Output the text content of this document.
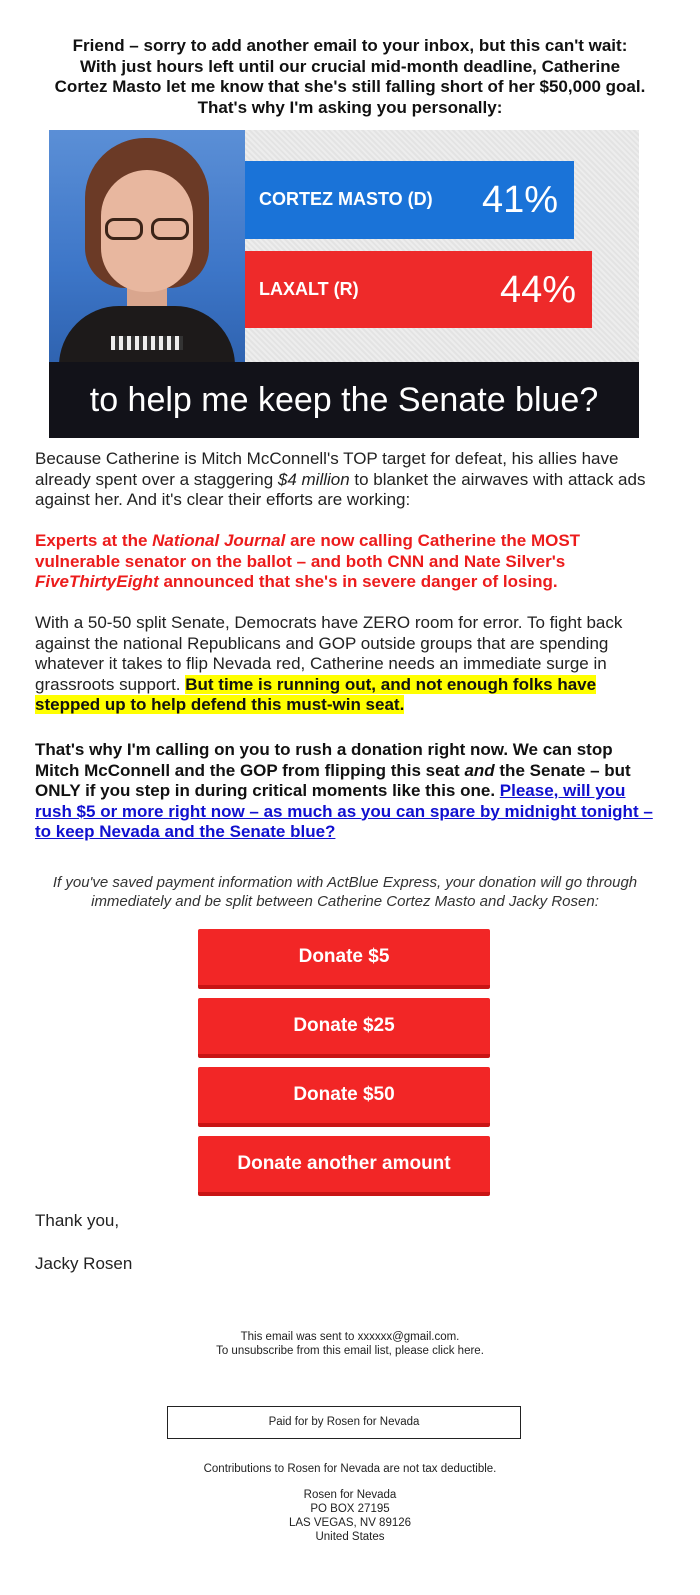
Friend – sorry to add another email to your inbox, but this can't wait:
With just hours left until our crucial mid-month deadline, Catherine
Cortez Masto let me know that she's still falling short of her $50,000 goal.
That's why I'm asking you personally:
CORTEZ MASTO (D) 41%
LAXALT (R)	44%
to help me keep the Senate blue?
Because Catherine is Mitch McConnell's TOP target for defeat, his allies have already spent over a staggering $4 million to blanket the airwaves with attack ads against her. And it's clear their efforts are working:
Experts at the National Journal are now calling Catherine the MOST vulnerable senator on the ballot – and both CNN and Nate Silver's FiveThirtyEight announced that she's in severe danger of losing.
With a 50-50 split Senate, Democrats have ZERO room for error. To fight back against the national Republicans and GOP outside groups that are spending whatever it takes to flip Nevada red, Catherine needs an immediate surge in grassroots support. But time is running out, and not enough folks have stepped up to help defend this must-win seat.
That's why I'm calling on you to rush a donation right now. We can stop Mitch McConnell and the GOP from flipping this seat and the Senate – but ONLY if you step in during critical moments like this one. Please, will you rush $5 or more right now – as much as you can spare by midnight tonight – to keep Nevada and the Senate blue?
If you've saved payment information with ActBlue Express, your donation will go through immediately and be split between Catherine Cortez Masto and Jacky Rosen:
Donate $5
Donate $25
Donate $50
Donate another amount
Thank you,
Jacky Rosen
This email was sent to xxxxxx@gmail.com.
To unsubscribe from this email list, please click here.
Paid for by Rosen for Nevada
Contributions to Rosen for Nevada are not tax deductible.
Rosen for Nevada
PO BOX 27195
LAS VEGAS, NV 89126
United States
